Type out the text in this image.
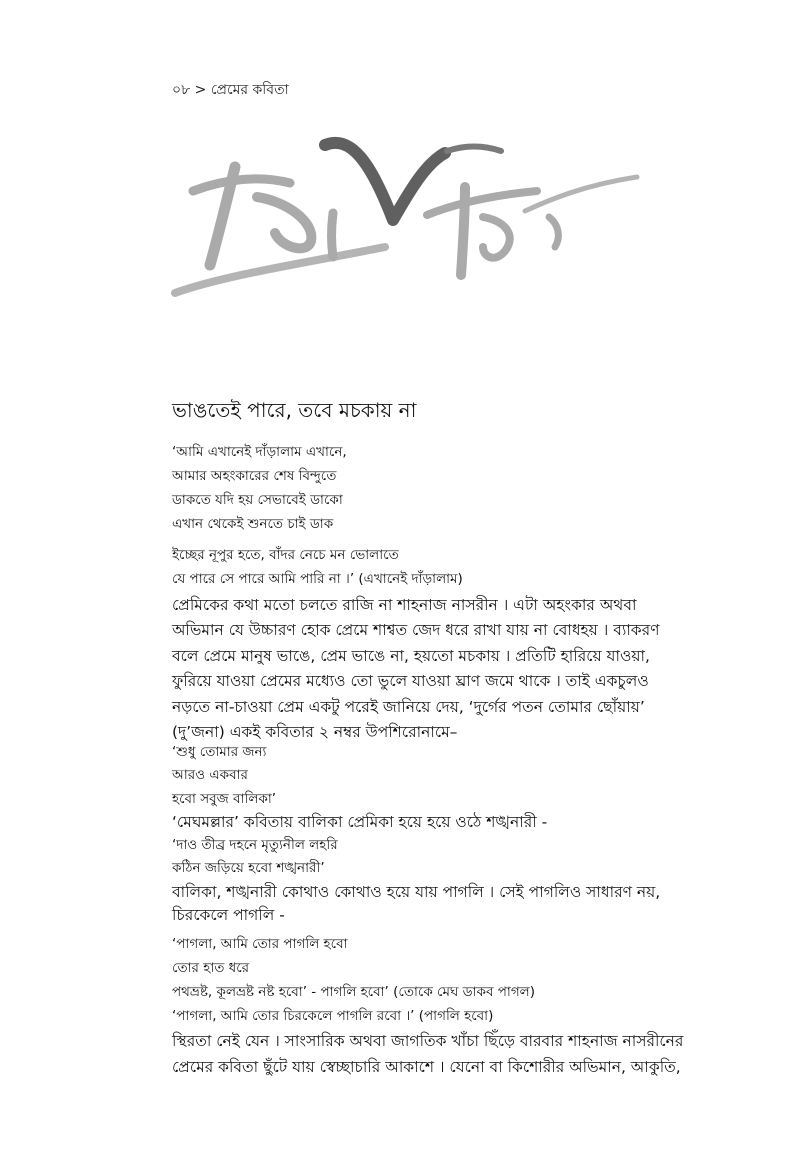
০৮ > প্রেমের কবিতা
ভাঙতেই পারে, তবে মচকায় না
‘আমি এখানেই দাঁড়ালাম এখানে,
আমার অহংকারের শেষ বিন্দুতে
ডাকতে যদি হয় সেভাবেই ডাকো
এখান থেকেই শুনতে চাই ডাক
ইচ্ছের নূপুর হতে, বাঁদর নেচে মন ভোলাতে
যে পারে সে পারে আমি পারি না ।’ (এখানেই দাঁড়ালাম)
প্রেমিকের কথা মতো চলতে রাজি না শাহনাজ নাসরীন । এটা অহংকার অথবা
অভিমান যে উচ্চারণ হোক প্রেমে শাশ্বত জেদ ধরে রাখা যায় না বোধহয় । ব্যাকরণ
বলে প্রেমে মানুষ ভাঙে, প্রেম ভাঙে না, হয়তো মচকায় । প্রতিটি হারিয়ে যাওয়া,
ফুরিয়ে যাওয়া প্রেমের মধ্যেও তো ভুলে যাওয়া ঘ্রাণ জমে থাকে । তাই একচুলও
নড়তে না-চাওয়া প্রেম একটু পরেই জানিয়ে দেয়, ‘দুর্গের পতন তোমার ছোঁয়ায়’
(দু’জনা) একই কবিতার ২ নম্বর উপশিরোনামে–
‘শুধু তোমার জন্য
আরও একবার
হবো সবুজ বালিকা’
‘মেঘমল্লার’ কবিতায় বালিকা প্রেমিকা হয়ে হয়ে ওঠে শঙ্খনারী -
‘দাও তীব্র দহনে মৃত্যুনীল লহরি
কঠিন জড়িয়ে হবো শঙ্খনারী’
বালিকা, শঙ্খনারী কোথাও কোথাও হয়ে যায় পাগলি । সেই পাগলিও সাধারণ নয়,
চিরকেলে পাগলি -
‘পাগলা, আমি তোর পাগলি হবো
তোর হাত ধরে
পথভ্রষ্ট, কূলভ্রষ্ট নষ্ট হবো’ - পাগলি হবো’ (তোকে মেঘ ডাকব পাগল)
‘পাগলা, আমি তোর চিরকেলে পাগলি রবো ।’ (পাগলি হবো)
স্থিরতা নেই যেন । সাংসারিক অথবা জাগতিক খাঁচা ছিঁড়ে বারবার শাহনাজ নাসরীনের
প্রেমের কবিতা ছুঁটে যায় স্বেচ্ছাচারি আকাশে । যেনো বা কিশোরীর অভিমান, আকুতি,
